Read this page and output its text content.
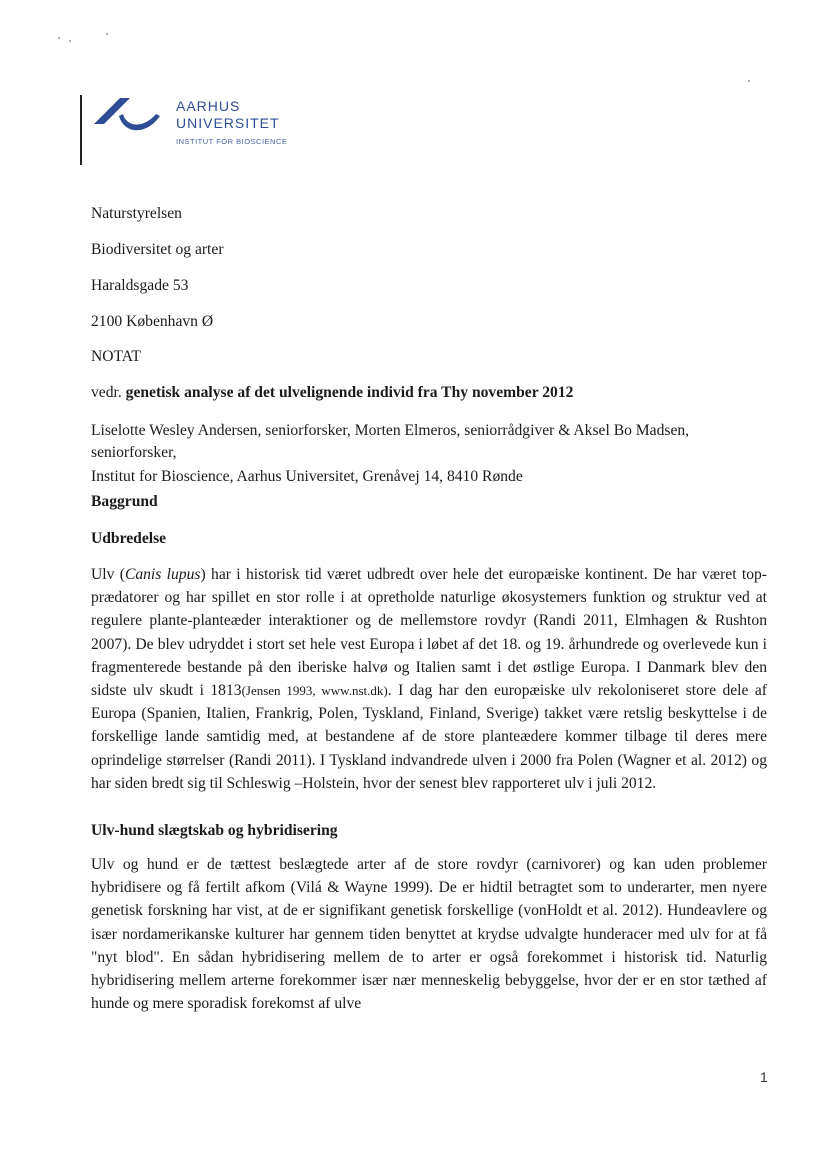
AARHUS
UNIVERSITET
INSTITUT FOR BIOSCIENCE
Naturstyrelsen
Biodiversitet og arter
Haraldsgade 53
2100 København Ø
NOTAT
vedr. genetisk analyse af det ulvelignende individ fra Thy november 2012
Liselotte Wesley Andersen, seniorforsker, Morten Elmeros, seniorrådgiver & Aksel Bo Madsen,
seniorforsker,
Institut for Bioscience, Aarhus Universitet, Grenåvej 14, 8410 Rønde
Baggrund
Udbredelse
Ulv (Canis lupus) har i historisk tid været udbredt over hele det europæiske kontinent. De har været top-prædatorer og har spillet en stor rolle i at opretholde naturlige økosystemers funktion og struktur ved at regulere plante-planteæder interaktioner og de mellemstore rovdyr (Randi 2011, Elmhagen & Rushton 2007). De blev udryddet i stort set hele vest Europa i løbet af det 18. og 19. århundrede og overlevede kun i fragmenterede bestande på den iberiske halvø og Italien samt i det østlige Europa. I Danmark blev den sidste ulv skudt i 1813(Jensen 1993, www.nst.dk). I dag har den europæiske ulv rekoloniseret store dele af Europa (Spanien, Italien, Frankrig, Polen, Tyskland, Finland, Sverige) takket være retslig beskyttelse i de forskellige lande samtidig med, at bestandene af de store planteædere kommer tilbage til deres mere oprindelige størrelser (Randi 2011). I Tyskland indvandrede ulven i 2000 fra Polen (Wagner et al. 2012) og har siden bredt sig til Schleswig –Holstein, hvor der senest blev rapporteret ulv i juli 2012.
Ulv-hund slægtskab og hybridisering
Ulv og hund er de tættest beslægtede arter af de store rovdyr (carnivorer) og kan uden problemer hybridisere og få fertilt afkom (Vilá & Wayne 1999). De er hidtil betragtet som to underarter, men nyere genetisk forskning har vist, at de er signifikant genetisk forskellige (vonHoldt et al. 2012). Hundeavlere og især nordamerikanske kulturer har gennem tiden benyttet at krydse udvalgte hunderacer med ulv for at få "nyt blod". En sådan hybridisering mellem de to arter er også forekommet i historisk tid. Naturlig hybridisering mellem arterne forekommer især nær menneskelig bebyggelse, hvor der er en stor tæthed af hunde og mere sporadisk forekomst af ulve
1
